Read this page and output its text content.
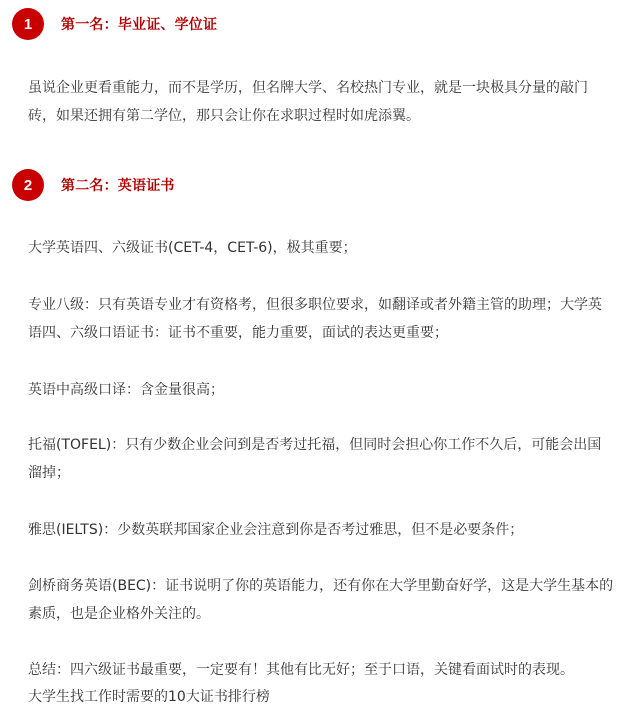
1	第一名：毕业证、学位证

虽说企业更看重能力，而不是学历，但名牌大学、名校热门专业，就是一块极具分量的敲门砖，如果还拥有第二学位，那只会让你在求职过程时如虎添翼。

2	第二名：英语证书

大学英语四、六级证书(CET-4，CET-6)，极其重要；

专业八级：只有英语专业才有资格考，但很多职位要求，如翻译或者外籍主管的助理；大学英语四、六级口语证书：证书不重要，能力重要，面试的表达更重要；

英语中高级口译：含金量很高；

托福(TOFEL)：只有少数企业会问到是否考过托福，但同时会担心你工作不久后，可能会出国溜掉；

雅思(IELTS)：少数英联邦国家企业会注意到你是否考过雅思，但不是必要条件；

剑桥商务英语(BEC)：证书说明了你的英语能力，还有你在大学里勤奋好学，这是大学生基本的素质，也是企业格外关注的。

总结：四六级证书最重要，一定要有！其他有比无好；至于口语，关键看面试时的表现。

大学生找工作时需要的10大证书排行榜
